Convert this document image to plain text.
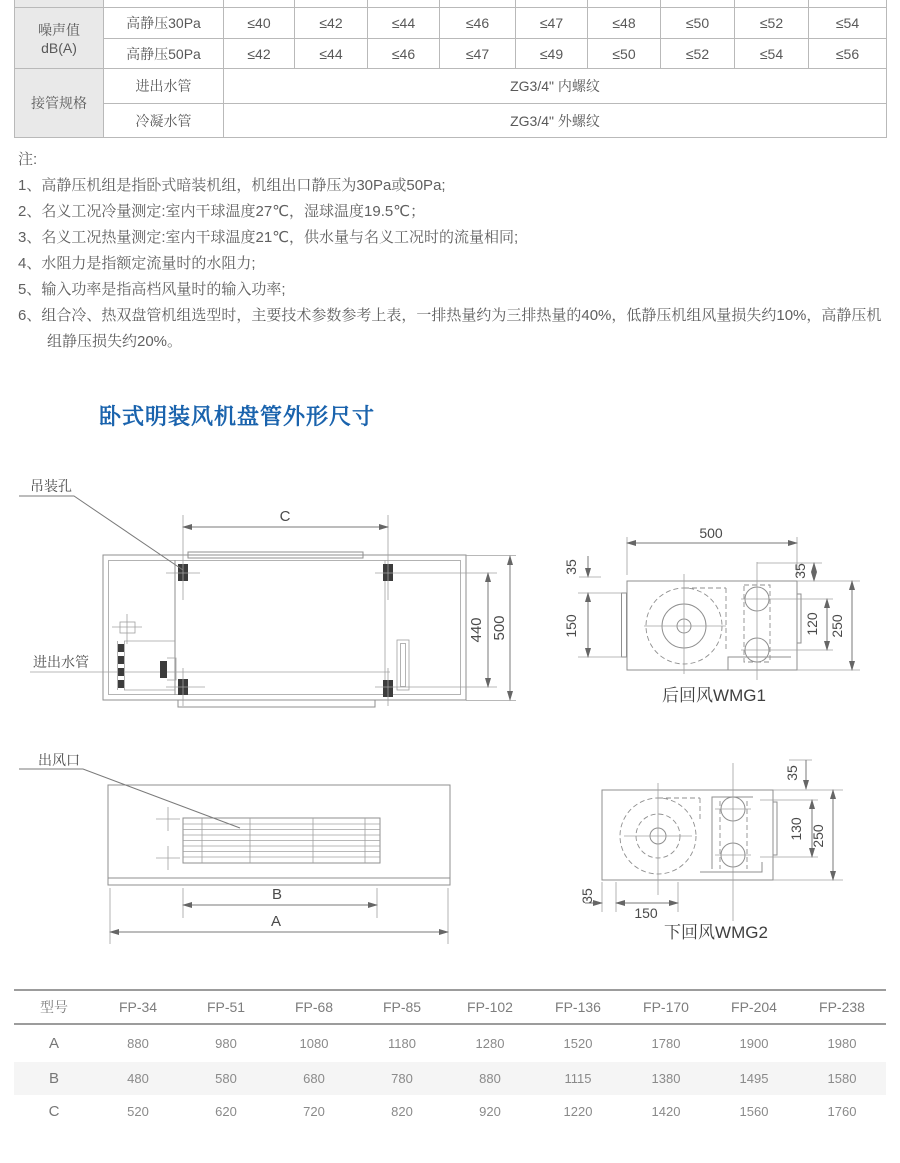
噪声值
dB(A)	高静压30Pa	≤40	≤42	≤44	≤46	≤47	≤48	≤50	≤52	≤54
	高静压50Pa	≤42	≤44	≤46	≤47	≤49	≤50	≤52	≤54	≤56
接管规格	进出水管	ZG3/4" 内螺纹								
	冷凝水管	ZG3/4" 外螺纹								
注:
1、高静压机组是指卧式暗装机组，机组出口静压为30Pa或50Pa;
2、名义工况冷量测定:室内干球温度27℃，湿球温度19.5℃；
3、名义工况热量测定:室内干球温度21℃，供水量与名义工况时的流量相同;
4、水阻力是指额定流量时的水阻力;
5、输入功率是指高档风量时的输入功率;
6、组合冷、热双盘管机组选型时，主要技术参数参考上表，一排热量约为三排热量的40%，低静压机组风量损失约10%，高静压机组静压损失约20%。
卧式明装风机盘管外形尺寸
C
440 500
吊装孔
进出水管
500
35
150
35
120 250
后回风WMG1
出风口
B
A
35
130 250
35
150
下回风WMG2
型号	FP-34	FP-51	FP-68	FP-85	FP-102	FP-136	FP-170	FP-204	FP-238
A	880	980	1080	1180	1280	1520	1780	1900	1980
B	480	580	680	780	880	1115	1380	1495	1580
C	520	620	720	820	920	1220	1420	1560	1760
